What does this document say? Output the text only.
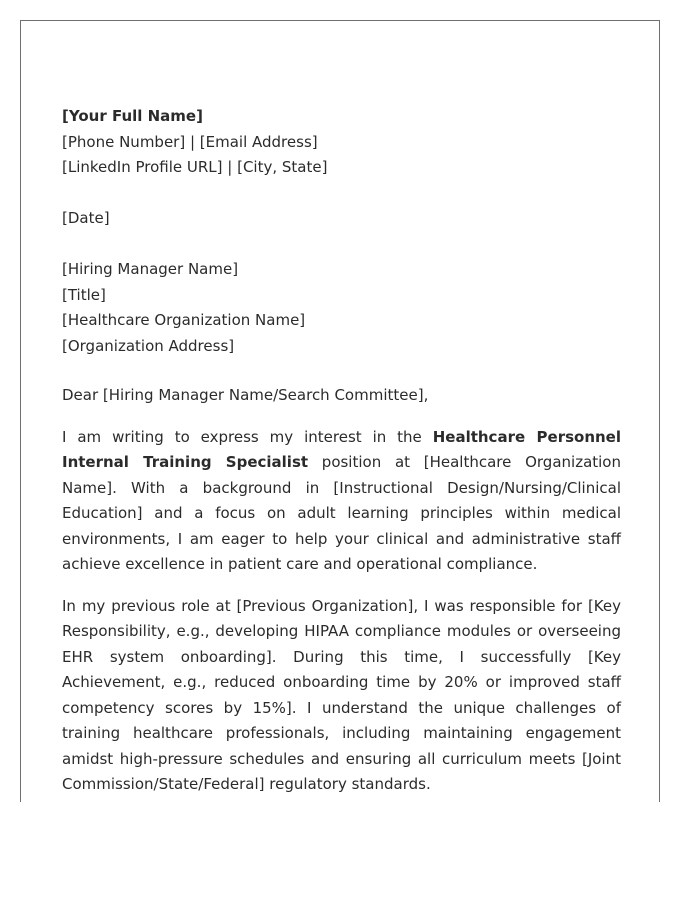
[Your Full Name]
[Phone Number] | [Email Address]
[LinkedIn Profile URL] | [City, State]
[Date]
[Hiring Manager Name]
[Title]
[Healthcare Organization Name]
[Organization Address]
Dear [Hiring Manager Name/Search Committee],

I am writing to express my interest in the Healthcare Personnel Internal Training Specialist position at [Healthcare Organization Name]. With a background in [Instructional Design/Nursing/Clinical Education] and a focus on adult learning principles within medical environments, I am eager to help your clinical and administrative staff achieve excellence in patient care and operational compliance.

In my previous role at [Previous Organization], I was responsible for [Key Responsibility, e.g., developing HIPAA compliance modules or overseeing EHR system onboarding]. During this time, I successfully [Key Achievement, e.g., reduced onboarding time by 20% or improved staff competency scores by 15%]. I understand the unique challenges of training healthcare professionals, including maintaining engagement amidst high-pressure schedules and ensuring all curriculum meets [Joint Commission/State/Federal] regulatory standards.
